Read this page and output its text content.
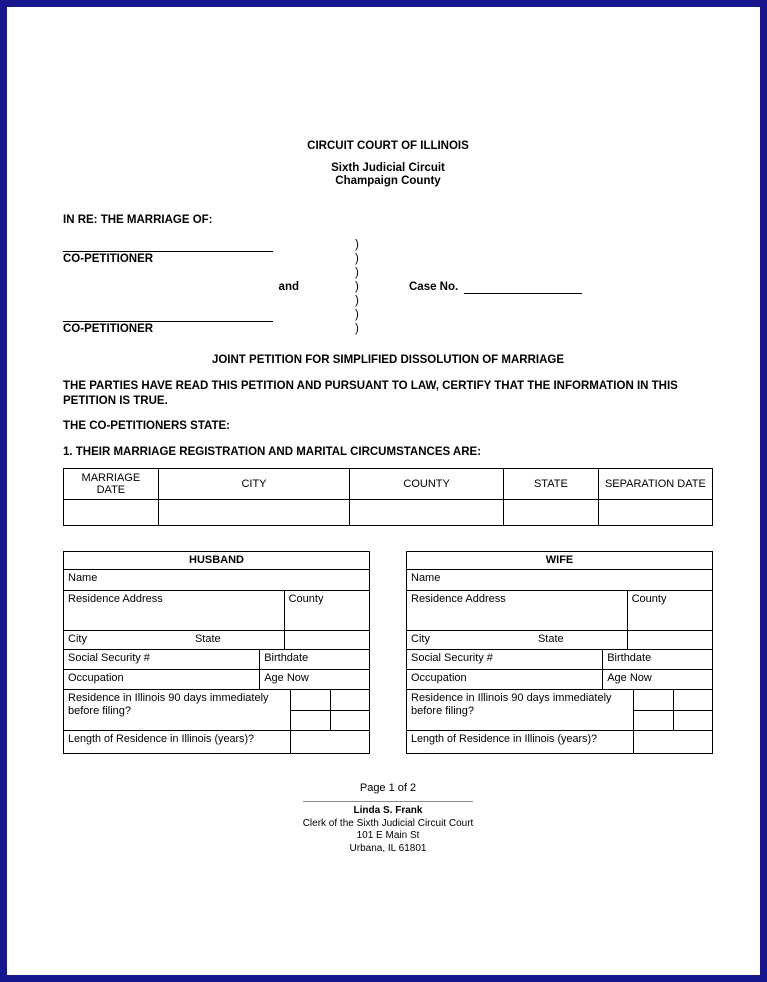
CIRCUIT COURT OF ILLINOIS
Sixth Judicial Circuit
Champaign County
IN RE: THE MARRIAGE OF:
)
CO-PETITIONER	)
)
and	)	Case No.
)
)
CO-PETITIONER	)
JOINT PETITION FOR SIMPLIFIED DISSOLUTION OF MARRIAGE
THE PARTIES HAVE READ THIS PETITION AND PURSUANT TO LAW, CERTIFY THAT THE INFORMATION IN THIS PETITION IS TRUE.
THE CO-PETITIONERS STATE:
1. THEIR MARRIAGE REGISTRATION AND MARITAL CIRCUMSTANCES ARE:
MARRIAGE DATE	CITY	COUNTY	STATE	SEPARATION DATE

HUSBAND
Name
Residence Address	County
City	State
Social Security #	Birthdate
Occupation	Age Now
Residence in Illinois 90 days immediately before filing?
Length of Residence in Illinois (years)?
WIFE
Name
Residence Address	County
City	State
Social Security #	Birthdate
Occupation	Age Now
Residence in Illinois 90 days immediately before filing?
Length of Residence in Illinois (years)?
Page 1 of 2
Linda S. Frank
Clerk of the Sixth Judicial Circuit Court
101 E Main St
Urbana, IL 61801
